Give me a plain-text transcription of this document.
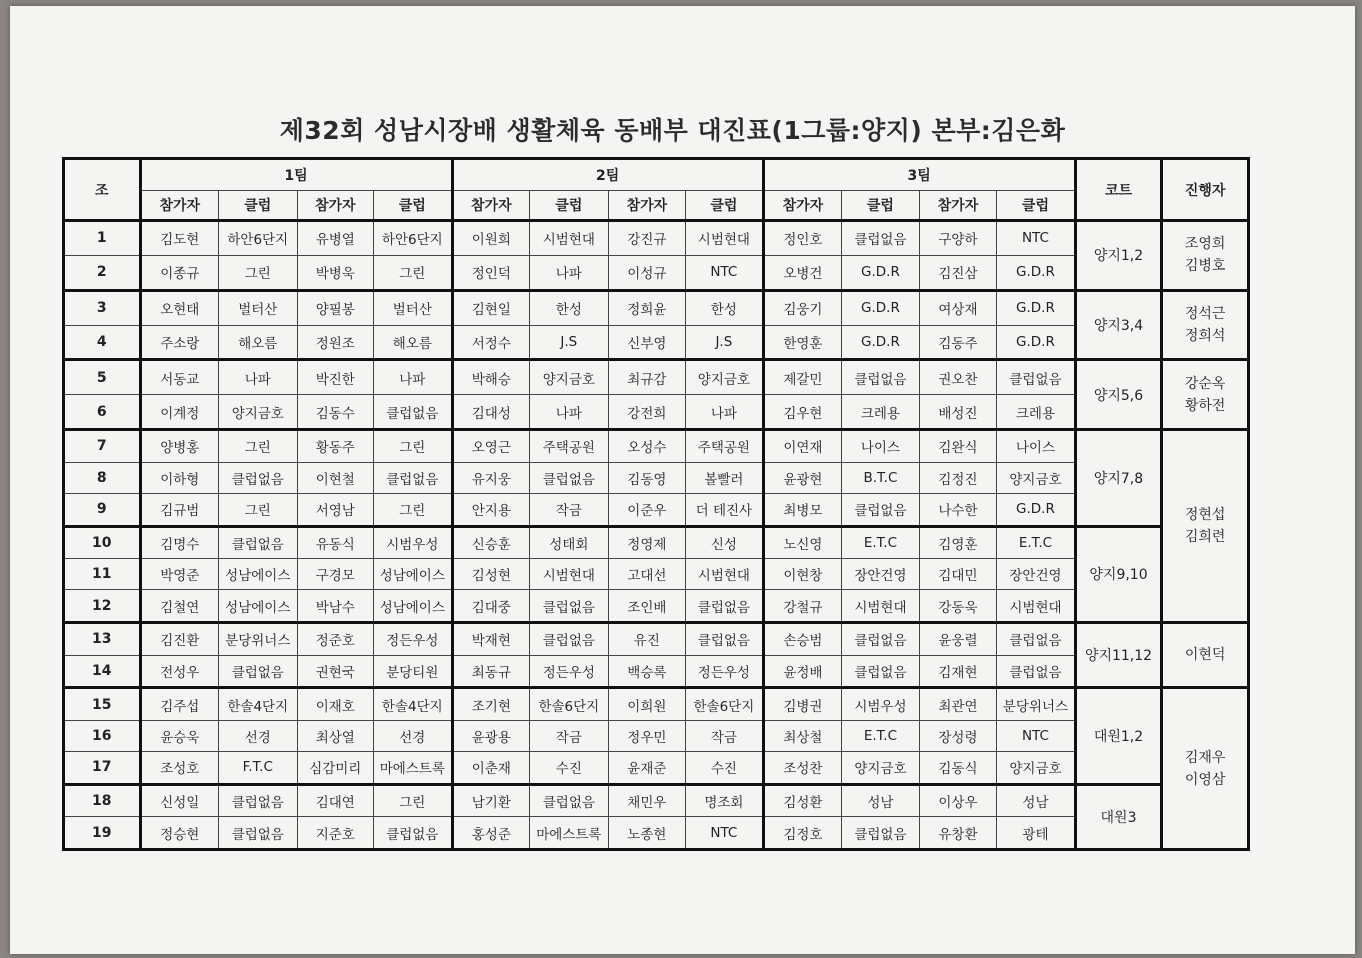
제32회 성남시장배 생활체육 동배부 대진표(1그룹:양지) 본부:김은화
조	1팀				2팀				3팀				코트	진행자
	참가자	클럽	참가자	클럽	참가자	클럽	참가자	클럽	참가자	클럽	참가자	클럽		
1	김도현	하안6단지	유병열	하안6단지	이원희	시범현대	강진규	시범현대	정인호	클럽없음	구양하	NTC	양지1,2	조영희
김병호
2	이종규	그린	박병욱	그린	정인덕	나파	이성규	NTC	오병건	G.D.R	김진삼	G.D.R		
3	오현태	벌터산	양필봉	벌터산	김현일	한성	정희윤	한성	김웅기	G.D.R	여상재	G.D.R	양지3,4	정석근
정희석
4	주소랑	해오름	정원조	해오름	서정수	J.S	신부영	J.S	한영훈	G.D.R	김동주	G.D.R		
5	서동교	나파	박진한	나파	박해승	양지금호	최규감	양지금호	제갈민	클럽없음	권오찬	클럽없음	양지5,6	강순옥
황하전
6	이계정	양지금호	김동수	클럽없음	김대성	나파	강전희	나파	김우현	크레용	배성진	크레용		
7	양병홍	그린	황동주	그린	오영근	주택공원	오성수	주택공원	이연재	나이스	김완식	나이스	양지7,8	정현섭
김희련
8	이하형	클럽없음	이현철	클럽없음	유지웅	클럽없음	김동영	볼빨러	윤광현	B.T.C	김정진	양지금호		
9	김규범	그린	서영남	그린	안지용	작금	이준우	더 테진사	최병모	클럽없음	나수한	G.D.R		
10	김명수	클럽없음	유동식	시범우성	신승훈	성태회	정영제	신성	노신영	E.T.C	김영훈	E.T.C	양지9,10	
11	박영준	성남에이스	구경모	성남에이스	김성현	시범현대	고대선	시범현대	이현창	장안건영	김대민	장안건영		
12	김철연	성남에이스	박남수	성남에이스	김대중	클럽없음	조인배	클럽없음	강철규	시범현대	강동욱	시범현대		
13	김진환	분당위너스	정준호	정든우성	박재현	클럽없음	유진	클럽없음	손승범	클럽없음	윤웅렬	클럽없음	양지11,12	이현덕
14	전성우	클럽없음	권현국	분당티원	최동규	정든우성	백승록	정든우성	윤정배	클럽없음	김재현	클럽없음		
15	김주섭	한솔4단지	이재호	한솔4단지	조기현	한솔6단지	이희원	한솔6단지	김병권	시범우성	최관연	분당위너스	대원1,2	김재우
이영삼
16	윤승욱	선경	최상열	선경	윤광용	작금	정우민	작금	최상철	E.T.C	장성령	NTC		
17	조성호	F.T.C	심감미리	마에스트록	이춘재	수진	윤재준	수진	조성찬	양지금호	김동식	양지금호		
18	신성일	클럽없음	김대연	그린	남기환	클럽없음	채민우	명조회	김성환	성남	이상우	성남	대원3	
19	정승현	클럽없음	지준호	클럽없음	홍성준	마에스트록	노종현	NTC	김정호	클럽없음	유창환	광테		
